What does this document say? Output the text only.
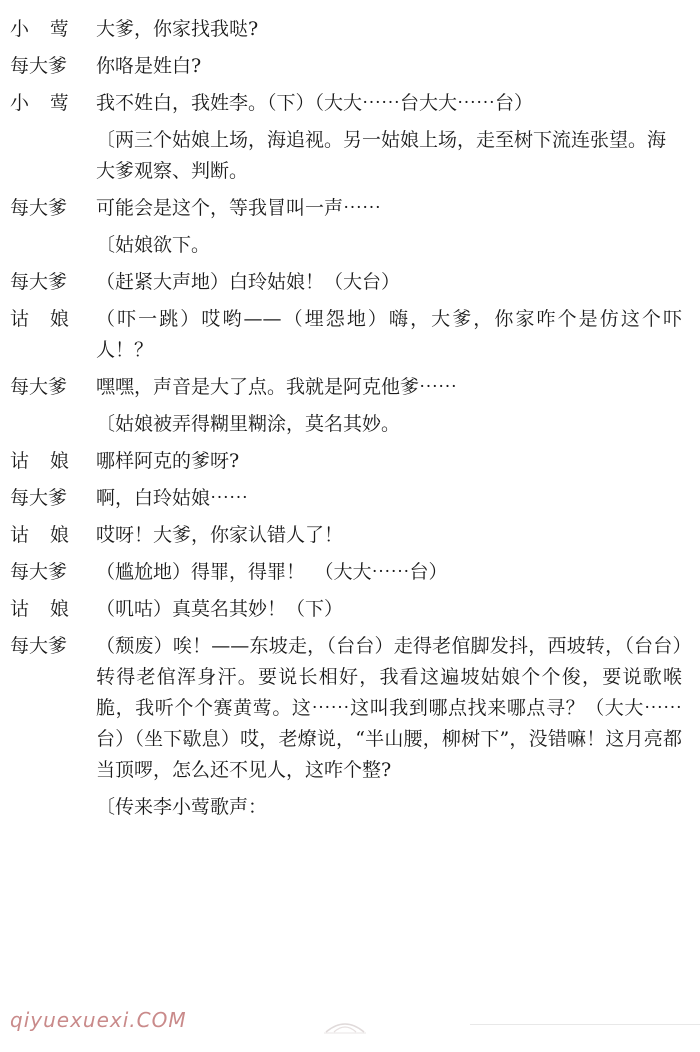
小莺 大爹，你家找我哒?
每大爹	你咯是姓白?
小莺 我不姓白，我姓李。（下）（大大⋯⋯台大大⋯⋯台）
〔两三个姑娘上场，海追视。另一姑娘上场，走至树下流连张望。海大爹观察、判断。
每大爹	可能会是这个，等我冒叫一声⋯⋯
〔姑娘欲下。
每大爹	（赶紧大声地）白玲姑娘！（大台）
诂娘 （吓一跳）哎哟——（埋怨地）嗨，大爹，你家咋个是仿这个吓人！？
每大爹	嘿嘿，声音是大了点。我就是阿克他爹⋯⋯
〔姑娘被弄得糊里糊涂，莫名其妙。
诂娘 哪样阿克的爹呀?
每大爹	啊，白玲姑娘⋯⋯
诂娘 哎呀！大爹，你家认错人了！
每大爹	（尴尬地）得罪，得罪！　（大大⋯⋯台）
诂娘 （叽咕）真莫名其妙！（下）
每大爹	（颓废）唉！——东坡走，（台台）走得老倌脚发抖，西坡转，（台台）转得老倌浑身汗。要说长相好，我看这遍坡姑娘个个俊，要说歌喉脆，我听个个赛黄莺。这⋯⋯这叫我到哪点找来哪点寻？（大大⋯⋯台）（坐下歇息）哎，老燎说，“半山腰，柳树下”，没错嘛！这月亮都当顶啰，怎么还不见人，这咋个整?
〔传来李小莺歌声：
qiyuexuexi.COM
